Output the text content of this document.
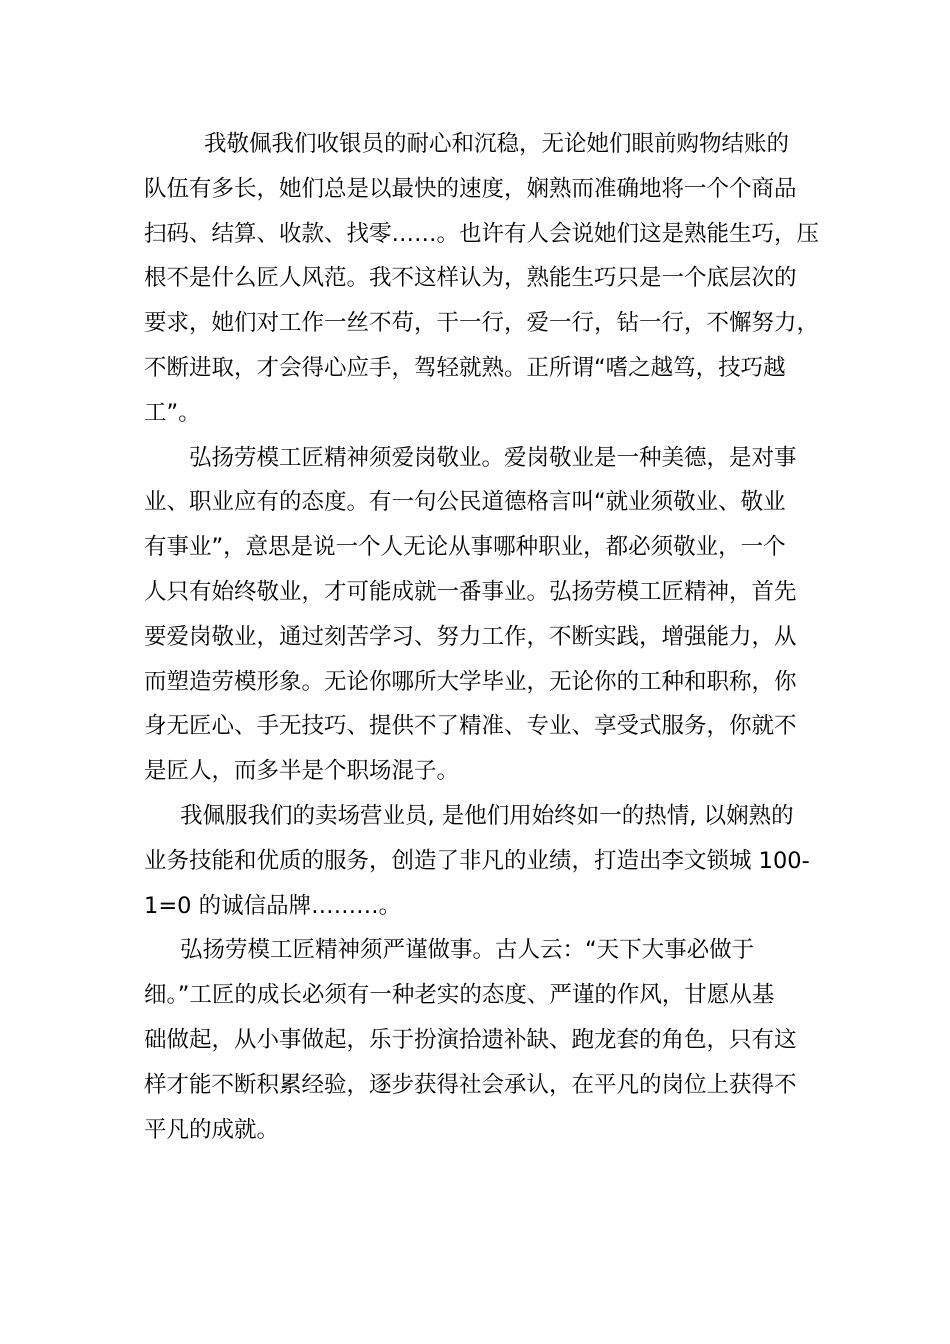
我敬佩我们收银员的耐心和沉稳，无论她们眼前购物结账的
队伍有多长，她们总是以最快的速度，娴熟而准确地将一个个商品
扫码、结算、收款、找零……。也许有人会说她们这是熟能生巧，压
根不是什么匠人风范。我不这样认为，熟能生巧只是一个底层次的
要求，她们对工作一丝不苟，干一行，爱一行，钻一行，不懈努力，
不断进取，才会得心应手，驾轻就熟。正所谓“嗜之越笃，技巧越
工”。
弘扬劳模工匠精神须爱岗敬业。爱岗敬业是一种美德，是对事
业、职业应有的态度。有一句公民道德格言叫“就业须敬业、敬业
有事业”，意思是说一个人无论从事哪种职业，都必须敬业，一个
人只有始终敬业，才可能成就一番事业。弘扬劳模工匠精神，首先
要爱岗敬业，通过刻苦学习、努力工作，不断实践，增强能力，从
而塑造劳模形象。无论你哪所大学毕业，无论你的工种和职称，你
身无匠心、手无技巧、提供不了精准、专业、享受式服务，你就不
是匠人，而多半是个职场混子。
我佩服我们的卖场营业员, 是他们用始终如一的热情, 以娴熟的
业务技能和优质的服务，创造了非凡的业绩，打造出李文锁城 100-
1=0 的诚信品牌………。
弘扬劳模工匠精神须严谨做事。古人云：“天下大事必做于
细。”工匠的成长必须有一种老实的态度、严谨的作风，甘愿从基
础做起，从小事做起，乐于扮演拾遗补缺、跑龙套的角色，只有这
样才能不断积累经验，逐步获得社会承认，在平凡的岗位上获得不
平凡的成就。
